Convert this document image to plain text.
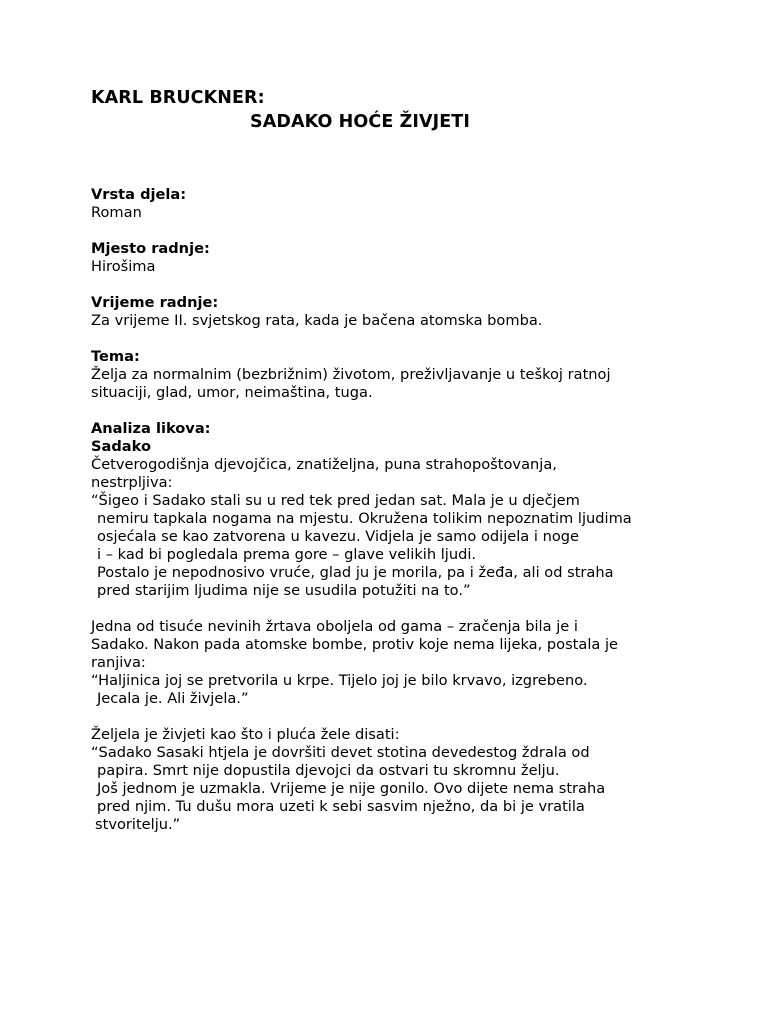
KARL BRUCKNER:
SADAKO HOĆE ŽIVJETI
Vrsta djela:
Roman
Mjesto radnje:
Hirošima
Vrijeme radnje:
Za vrijeme II. svjetskog rata, kada je bačena atomska bomba.
Tema:
Želja za normalnim (bezbrižnim) životom, preživljavanje u teškoj ratnoj
situaciji, glad, umor, neimaština, tuga.
Analiza likova:
Sadako
Četverogodišnja djevojčica, znatiželjna, puna strahopoštovanja,
nestrpljiva:
“Šigeo i Sadako stali su u red tek pred jedan sat. Mala je u dječjem
nemiru tapkala nogama na mjestu. Okružena tolikim nepoznatim ljudima
osjećala se kao zatvorena u kavezu. Vidjela je samo odijela i noge
i – kad bi pogledala prema gore – glave velikih ljudi.
Postalo je nepodnosivo vruće, glad ju je morila, pa i žeđa, ali od straha
pred starijim ljudima nije se usudila potužiti na to.”
Jedna od tisuće nevinih žrtava oboljela od gama – zračenja bila je i
Sadako. Nakon pada atomske bombe, protiv koje nema lijeka, postala je
ranjiva:
“Haljinica joj se pretvorila u krpe. Tijelo joj je bilo krvavo, izgrebeno.
Jecala je. Ali živjela.”
Željela je živjeti kao što i pluća žele disati:
“Sadako Sasaki htjela je dovršiti devet stotina devedestog ždrala od
papira. Smrt nije dopustila djevojci da ostvari tu skromnu želju.
Još jednom je uzmakla. Vrijeme je nije gonilo. Ovo dijete nema straha
pred njim. Tu dušu mora uzeti k sebi sasvim nježno, da bi je vratila
stvoritelju.”
